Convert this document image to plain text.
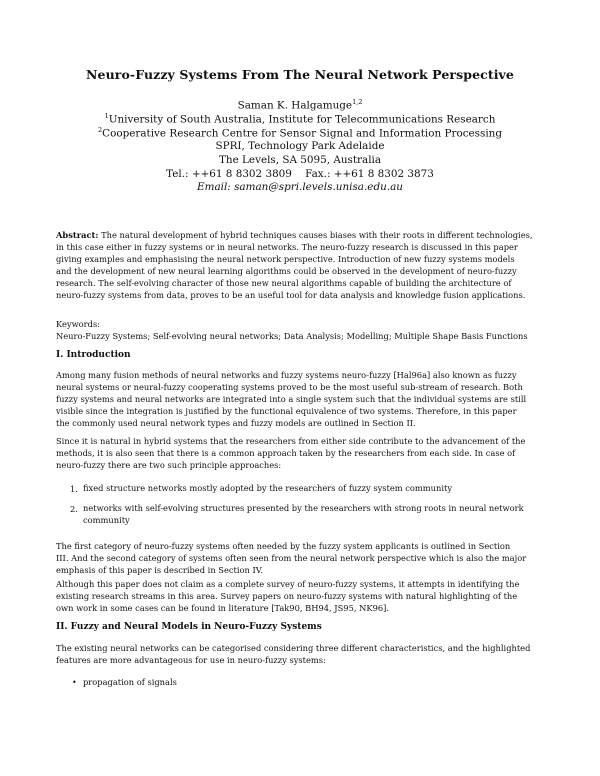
Neuro-Fuzzy Systems From The Neural Network Perspective
Saman K. Halgamuge$^{1,2}$
$^1$University of South Australia, Institute for Telecommunications Research
$^2$Cooperative Research Centre for Sensor Signal and Information Processing
SPRI, Technology Park Adelaide
The Levels, SA 5095, Australia
Tel.: ++61 8 8302 3809    Fax.: ++61 8 8302 3873
Email: saman@spri.levels.unisa.edu.au
Abstract: The natural development of hybrid techniques causes biases with their roots in different technologies,
in this case either in fuzzy systems or in neural networks. The neuro-fuzzy research is discussed in this paper
giving examples and emphasising the neural network perspective. Introduction of new fuzzy systems models
and the development of new neural learning algorithms could be observed in the development of neuro-fuzzy
research. The self-evolving character of those new neural algorithms capable of building the architecture of
neuro-fuzzy systems from data, proves to be an useful tool for data analysis and knowledge fusion applications.
Keywords:
Neuro-Fuzzy Systems; Self-evolving neural networks; Data Analysis; Modelling; Multiple Shape Basis Functions
I. Introduction
Among many fusion methods of neural networks and fuzzy systems neuro-fuzzy [Hal96a] also known as fuzzy
neural systems or neural-fuzzy cooperating systems proved to be the most useful sub-stream of research. Both
fuzzy systems and neural networks are integrated into a single system such that the individual systems are still
visible since the integration is justified by the functional equivalence of two systems. Therefore, in this paper
the commonly used neural network types and fuzzy models are outlined in Section II.
Since it is natural in hybrid systems that the researchers from either side contribute to the advancement of the
methods, it is also seen that there is a common approach taken by the researchers from each side. In case of
neuro-fuzzy there are two such principle approaches:
1. fixed structure networks mostly adopted by the researchers of fuzzy system community
2. networks with self-evolving structures presented by the researchers with strong roots in neural network
community
The first category of neuro-fuzzy systems often needed by the fuzzy system applicants is outlined in Section
III. And the second category of systems often seen from the neural network perspective which is also the major
emphasis of this paper is described in Section IV.
Although this paper does not claim as a complete survey of neuro-fuzzy systems, it attempts in identifying the
existing research streams in this area. Survey papers on neuro-fuzzy systems with natural highlighting of the
own work in some cases can be found in literature [Tak90, BH94, JS95, NK96].
II. Fuzzy and Neural Models in Neuro-Fuzzy Systems
The existing neural networks can be categorised considering three different characteristics, and the highlighted
features are more advantageous for use in neuro-fuzzy systems:
• propagation of signals
